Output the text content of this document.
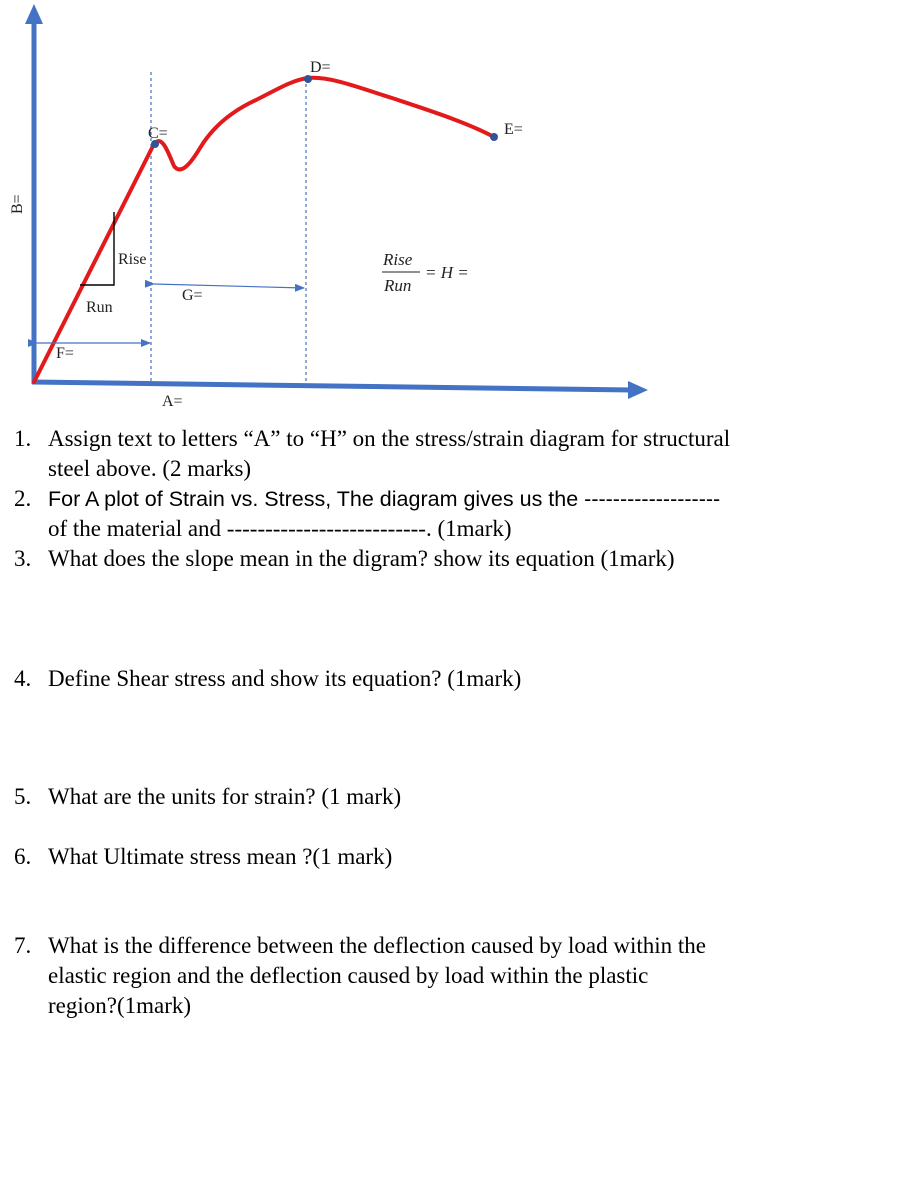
A=
B=
C=
D=
E=
F=
G=
Rise
Run
Rise
Run
= H =
1. Assign text to letters “A” to “H” on the stress/strain diagram for structural
steel above. (2 marks)
2. For A plot of Strain vs. Stress, The diagram gives us the -------------------
of the material and --------------------------. (1mark)
3. What does the slope mean in the digram? show its equation (1mark)
4. Define Shear stress and show its equation? (1mark)
5. What are the units for strain? (1 mark)
6. What Ultimate stress mean ?(1 mark)
7. What is the difference between the deflection caused by load within the
elastic region and the deflection caused by load within the plastic
region?(1mark)
